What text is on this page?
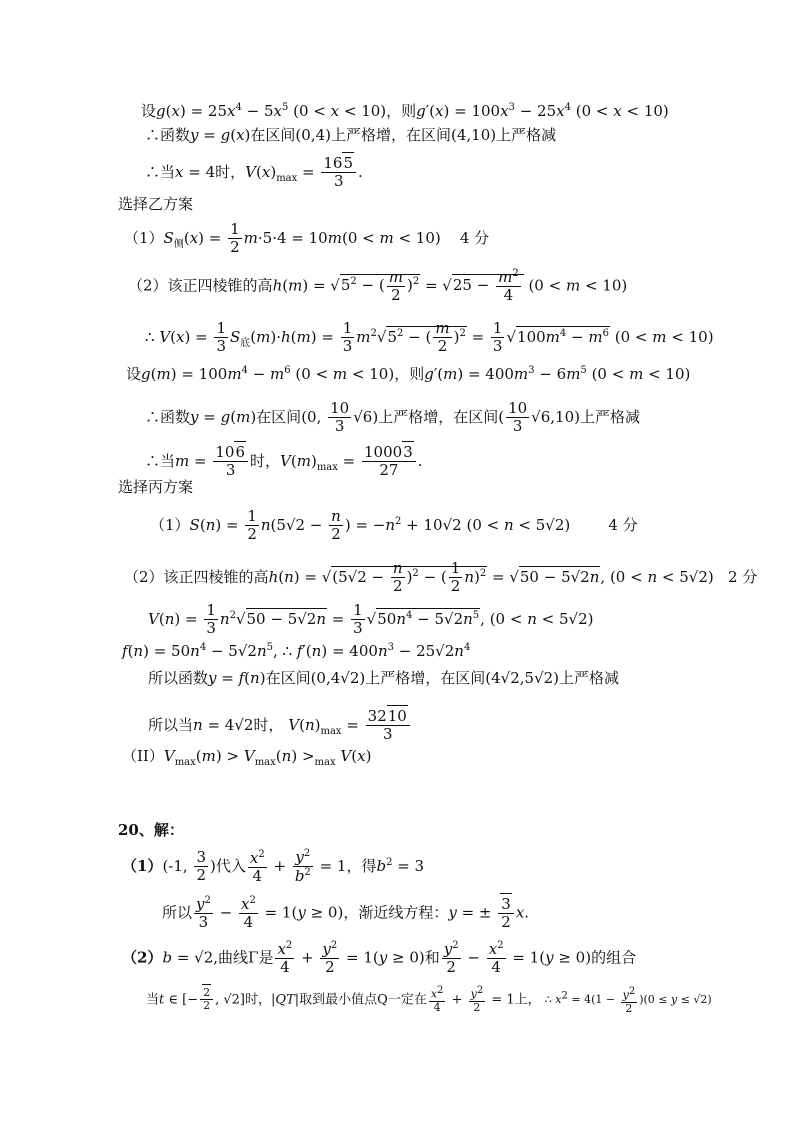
设$g(x) = 25x^4 - 5x^5$ (0 < x < 10)，则$g'(x) = 100x^3 - 25x^4$ (0 < x < 10)
∴函数y = g(x)在区间(0,4)上严格增，在区间(4,10)上严格减
∴当x = 4时，$V(x)_{max} = \frac{165}{3}$ .
选择乙方案
$(1)S_侧(x) = \frac{1}{2} m\cdot 5\cdot 4 = 10m(0 < m < 10)$    4 分
（2）该正四棱锥的高$h(m) = √5^2$ − ( $\frac{m}{2} )^2 = √25 - \frac{m^2}{4} (0 < m < 10)$
∴ $V(x) = \frac{1}{3} S_底(m)\cdot h(m) = \frac{1}{3} m^2√5^2$ − ( $\frac{m}{2} )^2 = \frac{1}{3} √100m^4 - m^6$ (0 < m < 10)
设$g(m) = 100m^4 - m^6$ (0 < m < 10)，则$g'(m) = 400m^3 - 6m^5$ (0 < m < 10)
∴函数y = g(m)在区间(0, $\frac{10}{3} √6$)上严格增，在区间( $\frac{10}{3} √6,10$)上严格减
∴当$m = \frac{106}{3}$ 时，$V(m)_{max} = \frac{10003}{27}$ .
选择丙方案
$(1)S(n) = \frac{1}{2} n(5√2 - \frac{n}{2}$ ) = $-n^2 + 10√2$ (0 < n < 5√2)        4 分
（2）该正四棱锥的高$h(n) = √(5√2 - \frac{n}{2} )^2$ − ( $\frac{1}{2} n)^2 = √50 - 5√2n$, (0 < n < 5√2)   2 分
$V(n) = \frac{1}{3} n^2√50 - 5√2n = \frac{1}{3} √50n^4 - 5√2n^5$, (0 < n < 5√2)
$f(n) = 50n^4 - 5√2n^5$, ∴ $f'(n) = 400n^3 - 25√2n^4$
所以函数y = f(n)在区间(0,4√2)上严格增，在区间(4√2,5√2)上严格减
所以当n = 4√2时， $V(n)_{max} = \frac{3210}{3}$
$(II)V_{max}(m) > V_{max}(n) >_{max}$ V(x)
20、解：
（1）(-1, $\frac{3}{2}$ )代入 $\frac{x^2}{4} + \frac{y^2}{b^2} = 1$，得$b^2 = 3$
所以 $\frac{y^2}{3} - \frac{x^2}{4} = 1(y \ge 0)$，渐近线方程：y = ± $\frac{3}{2} x$.
（2）b = √2,曲线Γ是 $\frac{x^2}{4} + \frac{y^2}{2} = 1(y \ge 0)$和 $\frac{y^2}{2} - \frac{x^2}{4} = 1(y \ge 0)$的组合
当t ∈ [− $\frac{2}{2}$ , √2]时，|QT|取到最小值点Q一定在 $\frac{x^2}{4} + \frac{y^2}{2} = 1$上， ∴ $x^2 = 4(1 - \frac{y^2}{2} )(0 \le y \le √2)$
